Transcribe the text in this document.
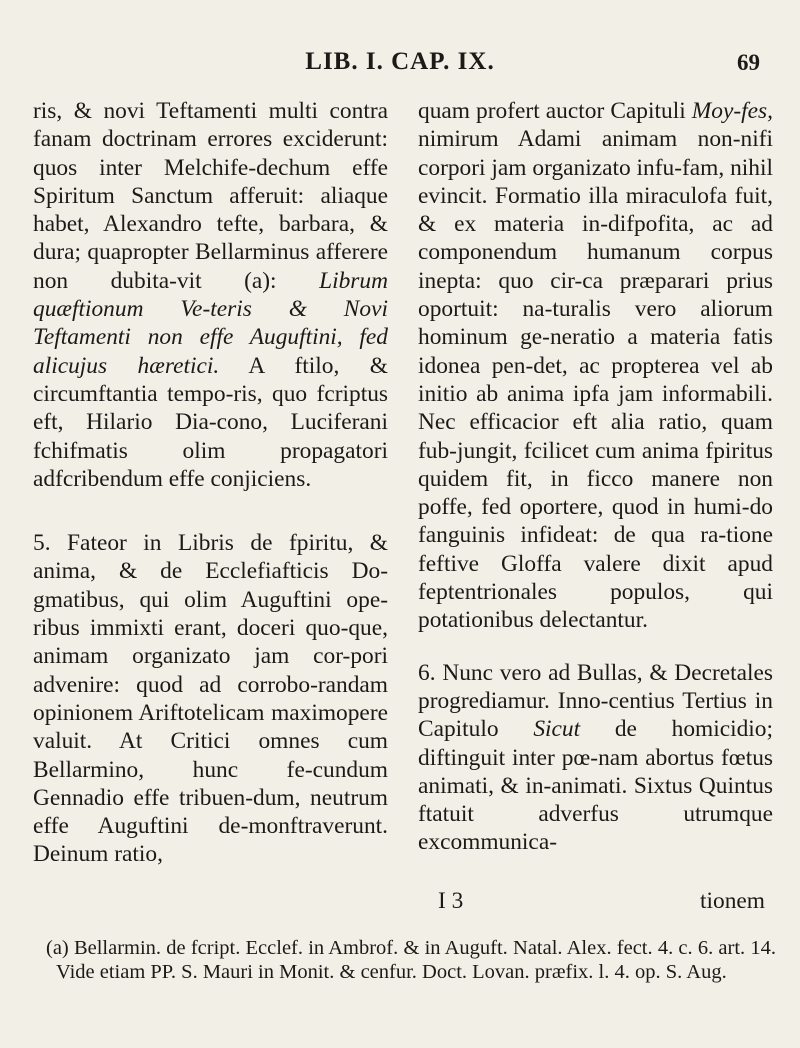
LIB. I. CAP. IX.	69

ris, & novi Teftamenti multi contra fanam doctrinam errores exciderunt: quos inter Melchife-dechum effe Spiritum Sanctum afferuit: aliaque habet, Alexandro tefte, barbara, & dura; quapropter Bellarminus afferere non dubita-vit (a): Librum quæftionum Ve-teris & Novi Teftamenti non effe Auguftini, fed alicujus hæretici. A ftilo, & circumftantia tempo-ris, quo fcriptus eft, Hilario Dia-cono, Luciferani fchifmatis olim propagatori adfcribendum effe conjiciens.

5. Fateor in Libris de fpiritu, & anima, & de Ecclefiafticis Do-gmatibus, qui olim Auguftini ope-ribus immixti erant, doceri quo-que, animam organizato jam cor-pori advenire: quod ad corrobo-randam opinionem Ariftotelicam maximopere valuit. At Critici omnes cum Bellarmino, hunc fe-cundum Gennadio effe tribuen-dum, neutrum effe Auguftini de-monftraverunt. Deinum ratio,

quam profert auctor Capituli Moy-fes, nimirum Adami animam non-nifi corpori jam organizato infu-fam, nihil evincit. Formatio illa miraculofa fuit, & ex materia in-difpofita, ac ad componendum humanum corpus inepta: quo cir-ca præparari prius oportuit: na-turalis vero aliorum hominum ge-neratio a materia fatis idonea pen-det, ac propterea vel ab initio ab anima ipfa jam informabili. Nec efficacior eft alia ratio, quam fub-jungit, fcilicet cum anima fpiritus quidem fit, in ficco manere non poffe, fed oportere, quod in humi-do fanguinis infideat: de qua ra-tione feftive Gloffa valere dixit apud feptentrionales populos, qui potationibus delectantur.

6. Nunc vero ad Bullas, & Decretales progrediamur. Inno-centius Tertius in Capitulo Sicut de homicidio; diftinguit inter pœ-nam abortus fœtus animati, & in-animati. Sixtus Quintus ftatuit adverfus utrumque excommunica-

I 3	tionem

(a) Bellarmin. de fcript. Ecclef. in Ambrof. & in Auguft. Natal. Alex. fect. 4. c. 6. art. 14. Vide etiam PP. S. Mauri in Monit. & cenfur. Doct. Lovan. præfix. l. 4. op. S. Aug.
